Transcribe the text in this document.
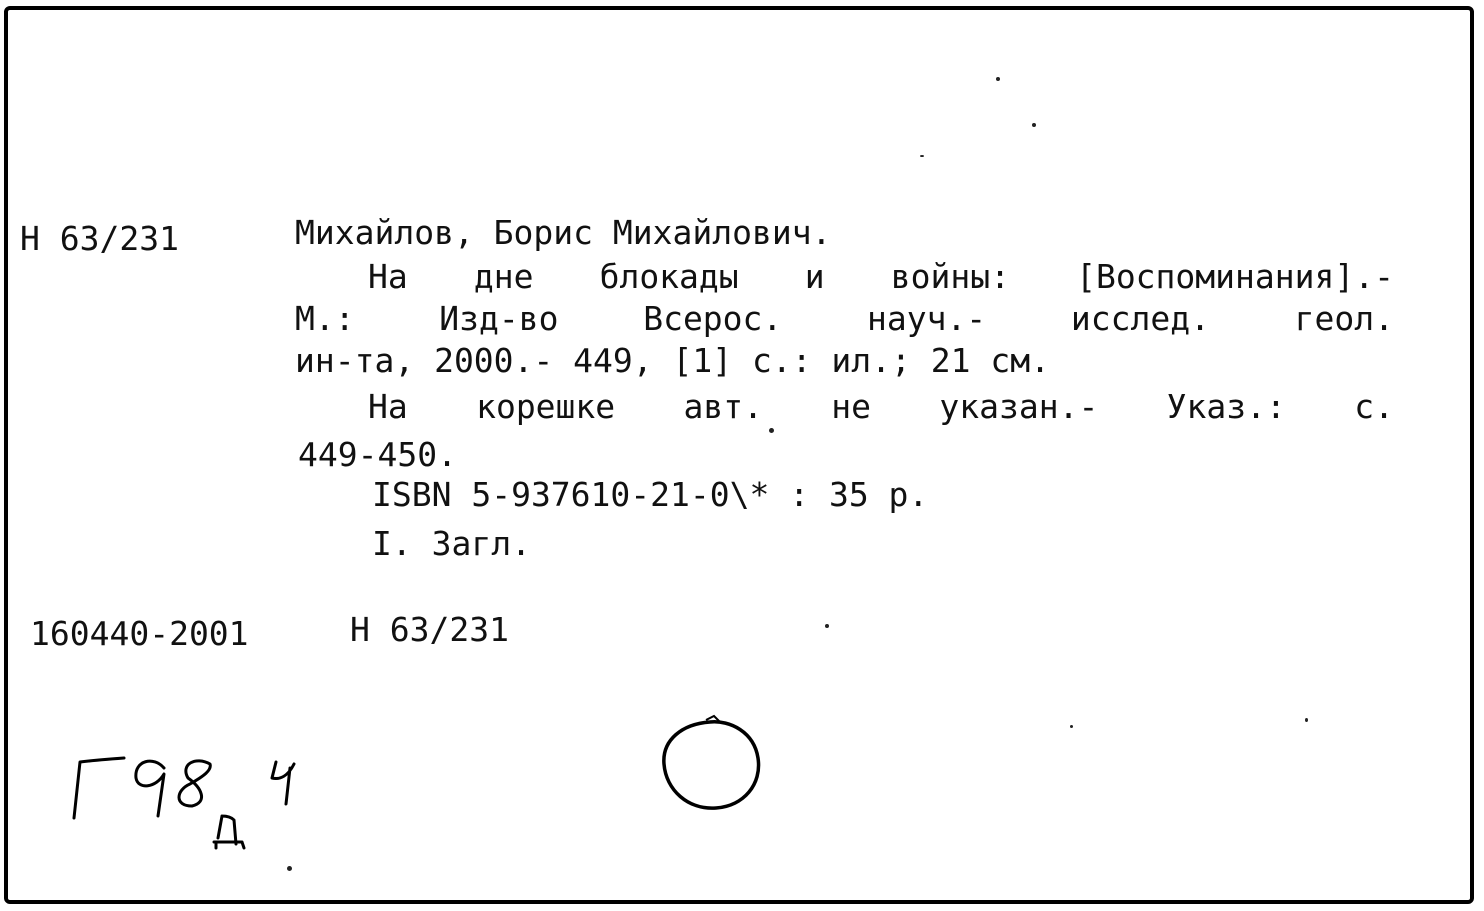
Н 63/231	Михайлов, Борис Михайлович.
На дне блокады и войны: [Воспоминания].-
М.:	Изд-во	Всерос.	науч.-	исслед.	геол.
ин-та, 2000.- 449, [1] с.: ил.; 21 см.
На корешке авт. не указан.- Указ.: с.
449-450.
ISBN 5-937610-21-0\* : 35 р.
I. Загл.
160440-2001	Н 63/231
